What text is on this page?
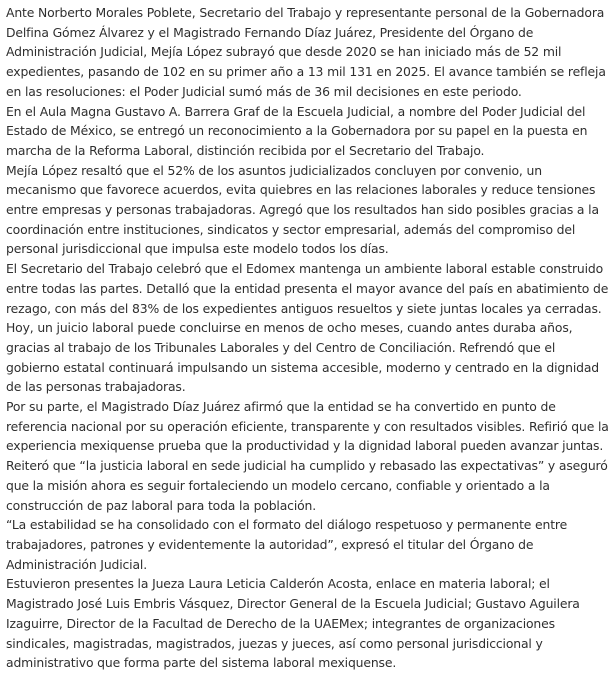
Ante Norberto Morales Poblete, Secretario del Trabajo y representante personal de la Gobernadora Delfina Gómez Álvarez y el Magistrado Fernando Díaz Juárez, Presidente del Órgano de Administración Judicial, Mejía López subrayó que desde 2020 se han iniciado más de 52 mil expedientes, pasando de 102 en su primer año a 13 mil 131 en 2025. El avance también se refleja en las resoluciones: el Poder Judicial sumó más de 36 mil decisiones en este periodo.

En el Aula Magna Gustavo A. Barrera Graf de la Escuela Judicial, a nombre del Poder Judicial del Estado de México, se entregó un reconocimiento a la Gobernadora por su papel en la puesta en marcha de la Reforma Laboral, distinción recibida por el Secretario del Trabajo.

Mejía López resaltó que el 52% de los asuntos judicializados concluyen por convenio, un mecanismo que favorece acuerdos, evita quiebres en las relaciones laborales y reduce tensiones entre empresas y personas trabajadoras. Agregó que los resultados han sido posibles gracias a la coordinación entre instituciones, sindicatos y sector empresarial, además del compromiso del personal jurisdiccional que impulsa este modelo todos los días.

El Secretario del Trabajo celebró que el Edomex mantenga un ambiente laboral estable construido entre todas las partes. Detalló que la entidad presenta el mayor avance del país en abatimiento de rezago, con más del 83% de los expedientes antiguos resueltos y siete juntas locales ya cerradas.

Hoy, un juicio laboral puede concluirse en menos de ocho meses, cuando antes duraba años, gracias al trabajo de los Tribunales Laborales y del Centro de Conciliación. Refrendó que el gobierno estatal continuará impulsando un sistema accesible, moderno y centrado en la dignidad de las personas trabajadoras.

Por su parte, el Magistrado Díaz Juárez afirmó que la entidad se ha convertido en punto de referencia nacional por su operación eficiente, transparente y con resultados visibles. Refirió que la experiencia mexiquense prueba que la productividad y la dignidad laboral pueden avanzar juntas. Reiteró que “la justicia laboral en sede judicial ha cumplido y rebasado las expectativas” y aseguró que la misión ahora es seguir fortaleciendo un modelo cercano, confiable y orientado a la construcción de paz laboral para toda la población.

“La estabilidad se ha consolidado con el formato del diálogo respetuoso y permanente entre trabajadores, patrones y evidentemente la autoridad”, expresó el titular del Órgano de Administración Judicial.

Estuvieron presentes la Jueza Laura Leticia Calderón Acosta, enlace en materia laboral; el Magistrado José Luis Embris Vásquez, Director General de la Escuela Judicial; Gustavo Aguilera Izaguirre, Director de la Facultad de Derecho de la UAEMex; integrantes de organizaciones sindicales, magistradas, magistrados, juezas y jueces, así como personal jurisdiccional y administrativo que forma parte del sistema laboral mexiquense.
